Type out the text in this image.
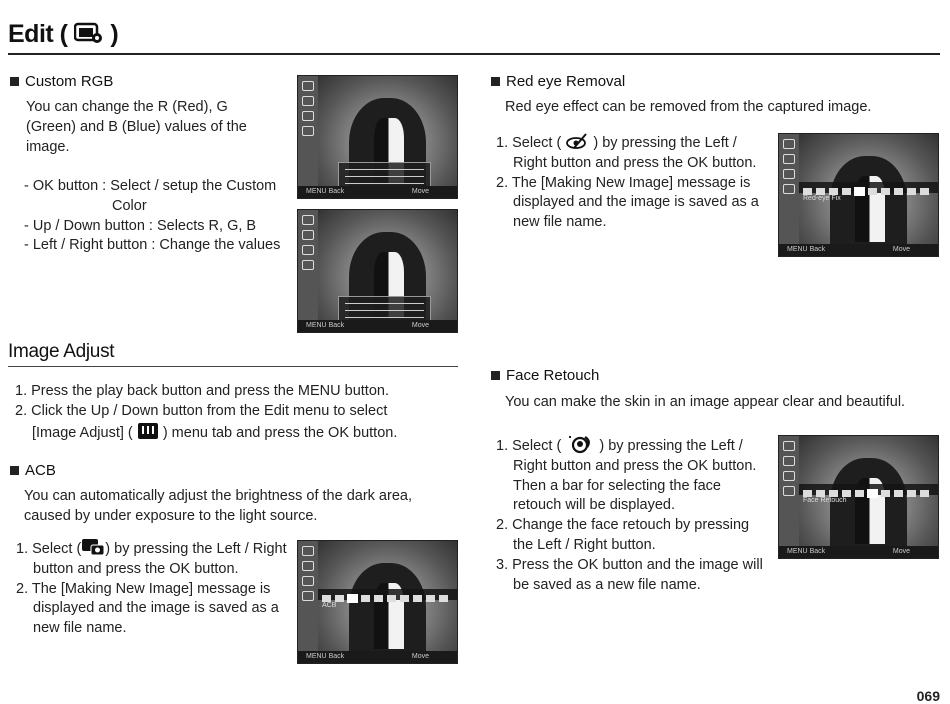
Edit ( )
Custom RGB
You can change the R (Red), G
(Green) and B (Blue) values of the
image.
- OK button : Select / setup the Custom
Color
- Up / Down button : Selects R, G, B
- Left / Right button : Change the values
MENU Back	Move
MENU Back	Move
Image Adjust
1. Press the play back button and press the MENU button.
2. Click the Up / Down button from the Edit menu to select
[Image Adjust] ( ) menu tab and press the OK button.
ACB
You can automatically adjust the brightness of the dark area,
caused by under exposure to the light source.
1. Select ( ) by pressing the Left / Right
button and press the OK button.
2. The [Making New Image] message is
displayed and the image is saved as a
new file name.
ACB
MENU Back	Move
Red eye Removal
Red eye effect can be removed from the captured image.
1. Select ( ) by pressing the Left /
Right button and press the OK button.
2. The [Making New Image] message is
displayed and the image is saved as a
new file name.
Red-eye Fix
MENU Back	Move
Face Retouch
You can make the skin in an image appear clear and beautiful.
1. Select (	) by pressing the Left /
Right button and press the OK button.
Then a bar for selecting the face
retouch will be displayed.
2. Change the face retouch by pressing
the Left / Right button.
3. Press the OK button and the image will
be saved as a new file name.
Face Retouch
MENU Back	Move
069
